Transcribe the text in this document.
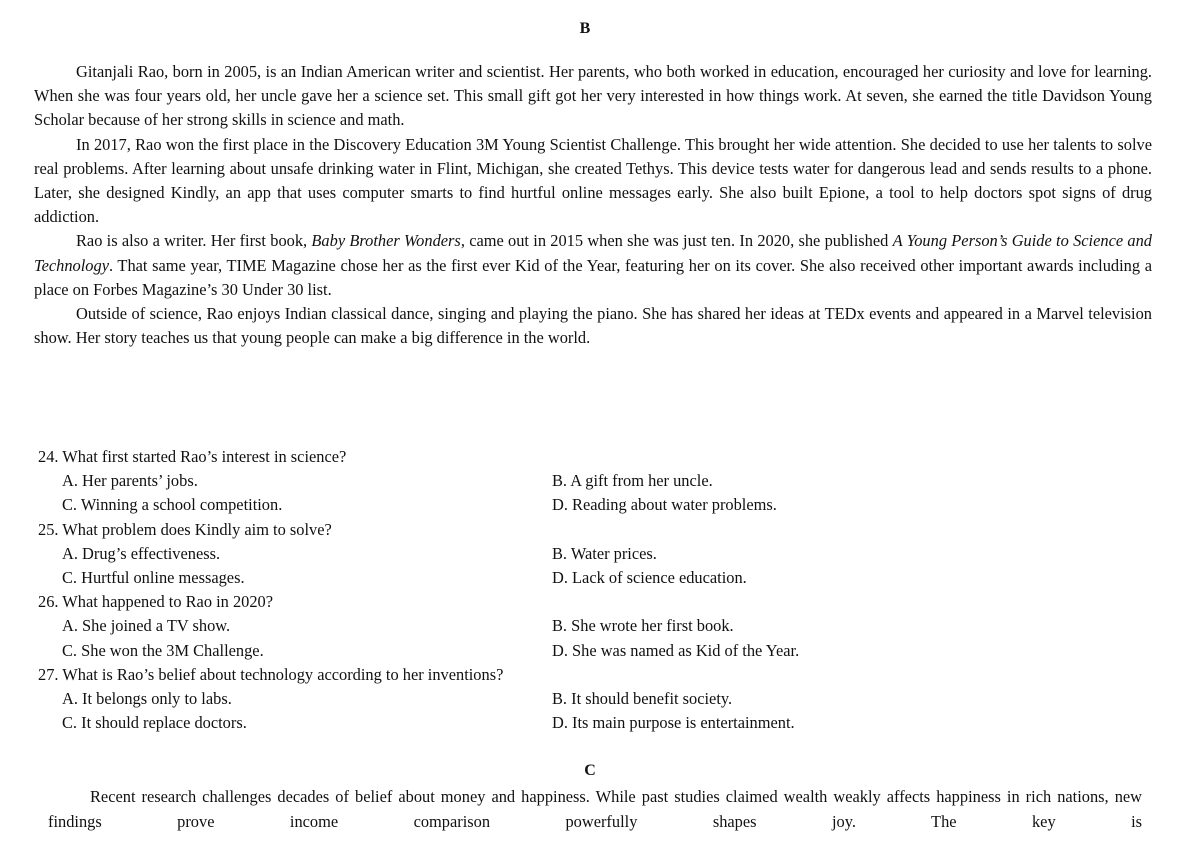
B

Gitanjali Rao, born in 2005, is an Indian American writer and scientist. Her parents, who both worked in education, encouraged her curiosity and love for learning. When she was four years old, her uncle gave her a science set. This small gift got her very interested in how things work. At seven, she earned the title Davidson Young Scholar because of her strong skills in science and math.

In 2017, Rao won the first place in the Discovery Education 3M Young Scientist Challenge. This brought her wide attention. She decided to use her talents to solve real problems. After learning about unsafe drinking water in Flint, Michigan, she created Tethys. This device tests water for dangerous lead and sends results to a phone. Later, she designed Kindly, an app that uses computer smarts to find hurtful online messages early. She also built Epione, a tool to help doctors spot signs of drug addiction.

Rao is also a writer. Her first book, Baby Brother Wonders, came out in 2015 when she was just ten. In 2020, she published A Young Person’s Guide to Science and Technology. That same year, TIME Magazine chose her as the first ever Kid of the Year, featuring her on its cover. She also received other important awards including a place on Forbes Magazine’s 30 Under 30 list.

Outside of science, Rao enjoys Indian classical dance, singing and playing the piano. She has shared her ideas at TEDx events and appeared in a Marvel television show. Her story teaches us that young people can make a big difference in the world.

24. What first started Rao’s interest in science?
A. Her parents’ jobs.	B. A gift from her uncle.
C. Winning a school competition.	D. Reading about water problems.
25. What problem does Kindly aim to solve?
A. Drug’s effectiveness.	B. Water prices.
C. Hurtful online messages.	D. Lack of science education.
26. What happened to Rao in 2020?
A. She joined a TV show.	B. She wrote her first book.
C. She won the 3M Challenge.	D. She was named as Kid of the Year.
27. What is Rao’s belief about technology according to her inventions?
A. It belongs only to labs.	B. It should benefit society.
C. It should replace doctors.	D. Its main purpose is entertainment.
C

Recent research challenges decades of belief about money and happiness. While past studies claimed wealth weakly affects happiness in rich nations, new findings prove income comparison powerfully shapes joy. The key is
